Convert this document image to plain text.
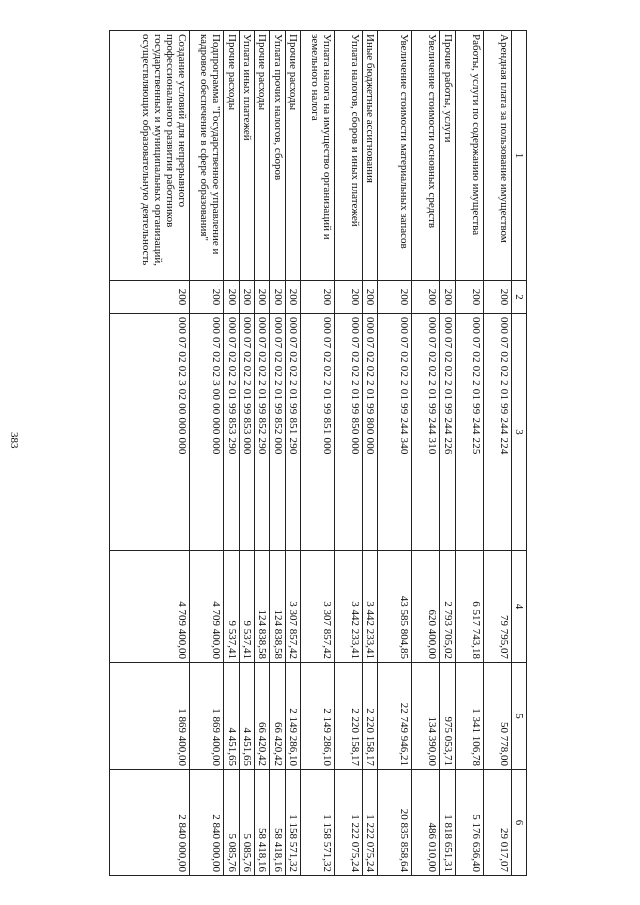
383
1	2	3	4	5	6
Арендная плата за пользование имуществом	200	000 07 02 02 2 01 99 244 224	79 795,07	50 778,00	29 017,07
Работы, услуги по содержанию имущества	200	000 07 02 02 2 01 99 244 225	6 517 743,18	1 341 106,78	5 176 636,40
Прочие работы, услуги	200	000 07 02 02 2 01 99 244 226	2 793 705,02	975 053,71	1 818 651,31
Увеличение стоимости основных средств	200	000 07 02 02 2 01 99 244 310	620 400,00	134 390,00	486 010,00
Увеличение стоимости материальных запасов	200	000 07 02 02 2 01 99 244 340	43 585 804,85	22 749 946,21	20 835 858,64
Иные бюджетные ассигнования	200	000 07 02 02 2 01 99 800 000	3 442 233,41	2 220 158,17	1 222 075,24
Уплата налогов, сборов и иных платежей	200	000 07 02 02 2 01 99 850 000	3 442 233,41	2 220 158,17	1 222 075,24
Уплата налога на имущество организаций и земельного налога	200	000 07 02 02 2 01 99 851 000	3 307 857,42	2 149 286,10	1 158 571,32
Прочие расходы	200	000 07 02 02 2 01 99 851 290	3 307 857,42	2 149 286,10	1 158 571,32
Уплата прочих налогов, сборов	200	000 07 02 02 2 01 99 852 000	124 838,58	66 420,42	58 418,16
Прочие расходы	200	000 07 02 02 2 01 99 852 290	124 838,58	66 420,42	58 418,16
Уплата иных платежей	200	000 07 02 02 2 01 99 853 000	9 537,41	4 451,65	5 085,76
Прочие расходы	200	000 07 02 02 2 01 99 853 290	9 537,41	4 451,65	5 085,76
Подпрограмма "Государственное управление и кадровое обеспечение в сфере образования"	200	000 07 02 02 3 00 00 000 000	4 709 400,00	1 869 400,00	2 840 000,00
Создание условий для непрерывного профессионального развития работников государственных и муниципальных организаций, осуществляющих образовательную деятельность	200	000 07 02 02 3 02 00 000 000	4 709 400,00	1 869 400,00	2 840 000,00
